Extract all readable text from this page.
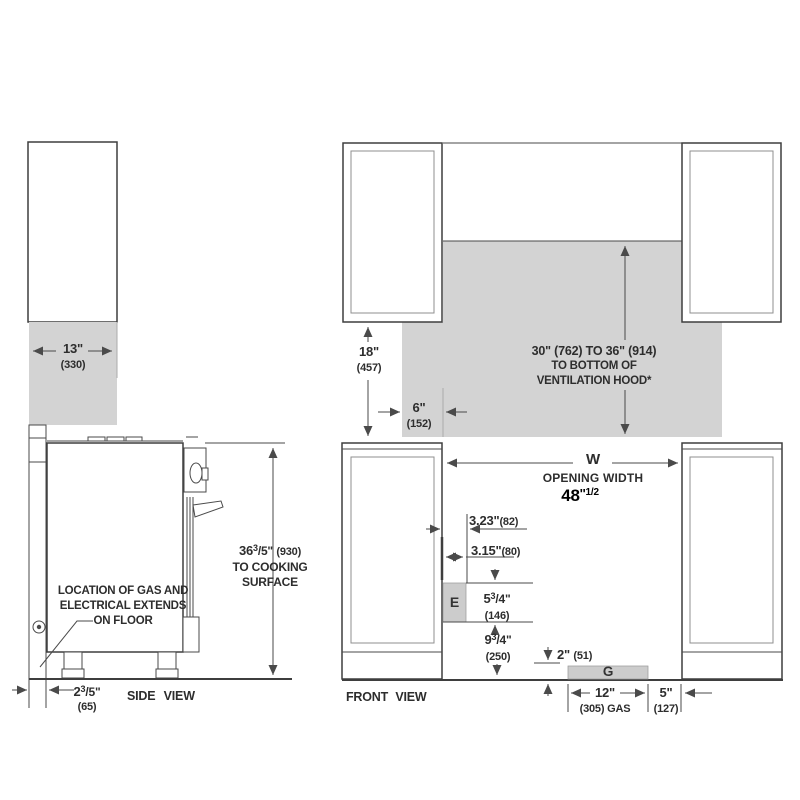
13"
(330)
$36^3/5$" (930)
TO COOKING
SURFACE
LOCATION OF GAS AND
ELECTRICAL EXTENDS
ON FLOOR
$2^3/5$"
(65)
SIDE VIEW
18"
(457)
6"
(152)
30" (762) TO 36" (914)
TO BOTTOM OF
VENTILATION HOOD*
W
OPENING WIDTH
$48''^{1/2}$
3.23"(82)
3.15"(80)
$5^3/4$"
(146)
$9^3/4$"
(250)	2" (51)
E
G
12"
(305) GAS
5"
(127)
FRONT VIEW
